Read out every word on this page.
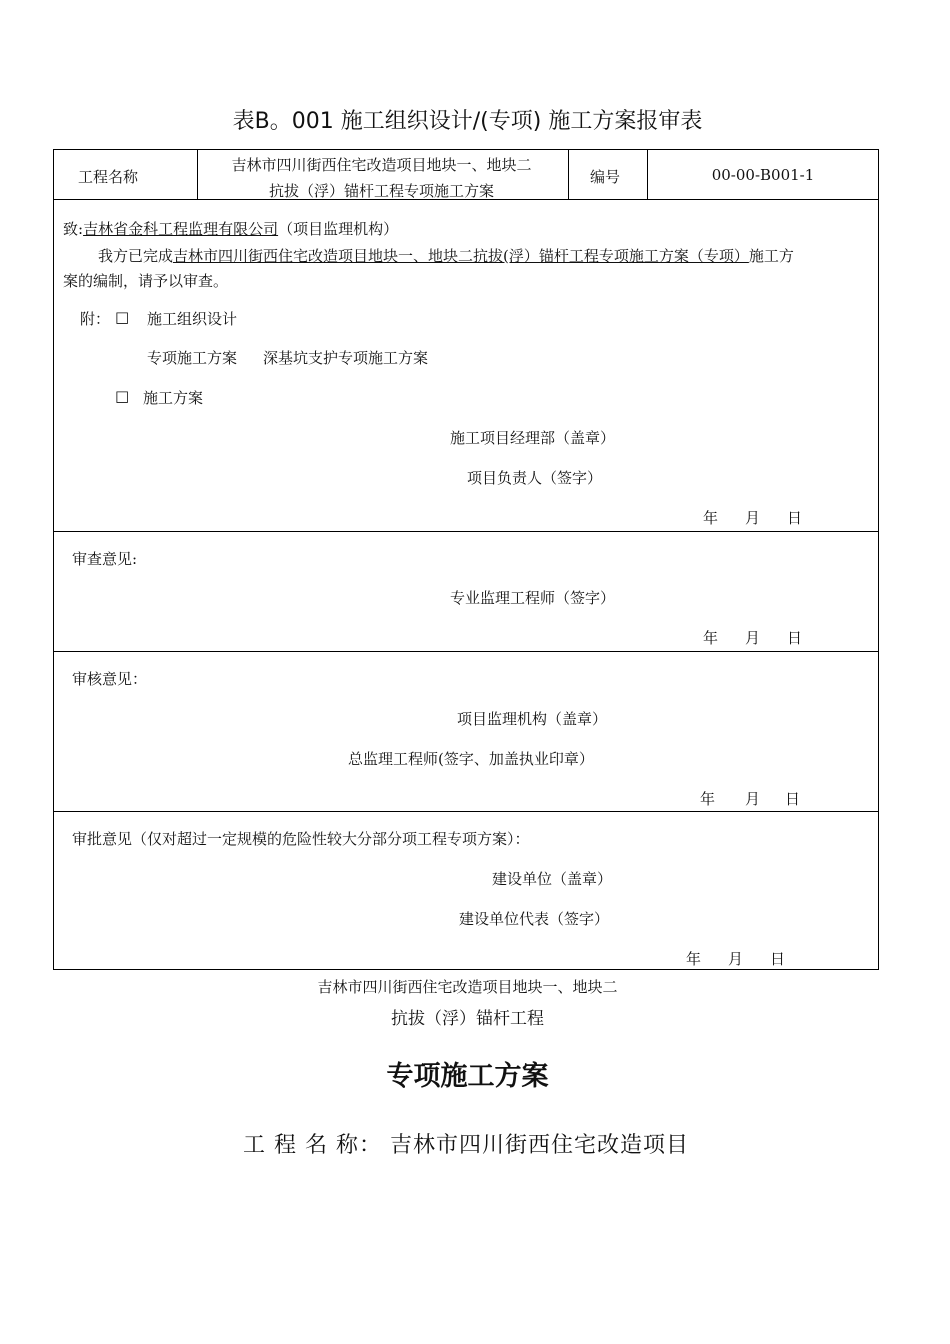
表B。001 施工组织设计/(专项) 施工方案报审表
工程名称
吉林市四川街西住宅改造项目地块一、地块二
抗拔（浮）锚杆工程专项施工方案
编号	00-00-B001-1
致:吉林省金科工程监理有限公司（项目监理机构）
我方已完成吉林市四川街西住宅改造项目地块一、地块二抗拔(浮）锚杆工程专项施工方案（专项）施工方
案的编制，请予以审查。
附： □ 施工组织设计
专项施工方案 深基坑支护专项施工方案
□ 施工方案
施工项目经理部（盖章）
项目负责人（签字）
年 月 日
审查意见:
专业监理工程师（签字）
年 月 日
审核意见：
项目监理机构（盖章）
总监理工程师(签字、加盖执业印章）
年 月 日
审批意见（仅对超过一定规模的危险性较大分部分项工程专项方案）：
建设单位（盖章）
建设单位代表（签字）
年 月 日
吉林市四川街西住宅改造项目地块一、地块二
抗拔（浮）锚杆工程
专项施工方案
工 程 名 称： 吉林市四川街西住宅改造项目
